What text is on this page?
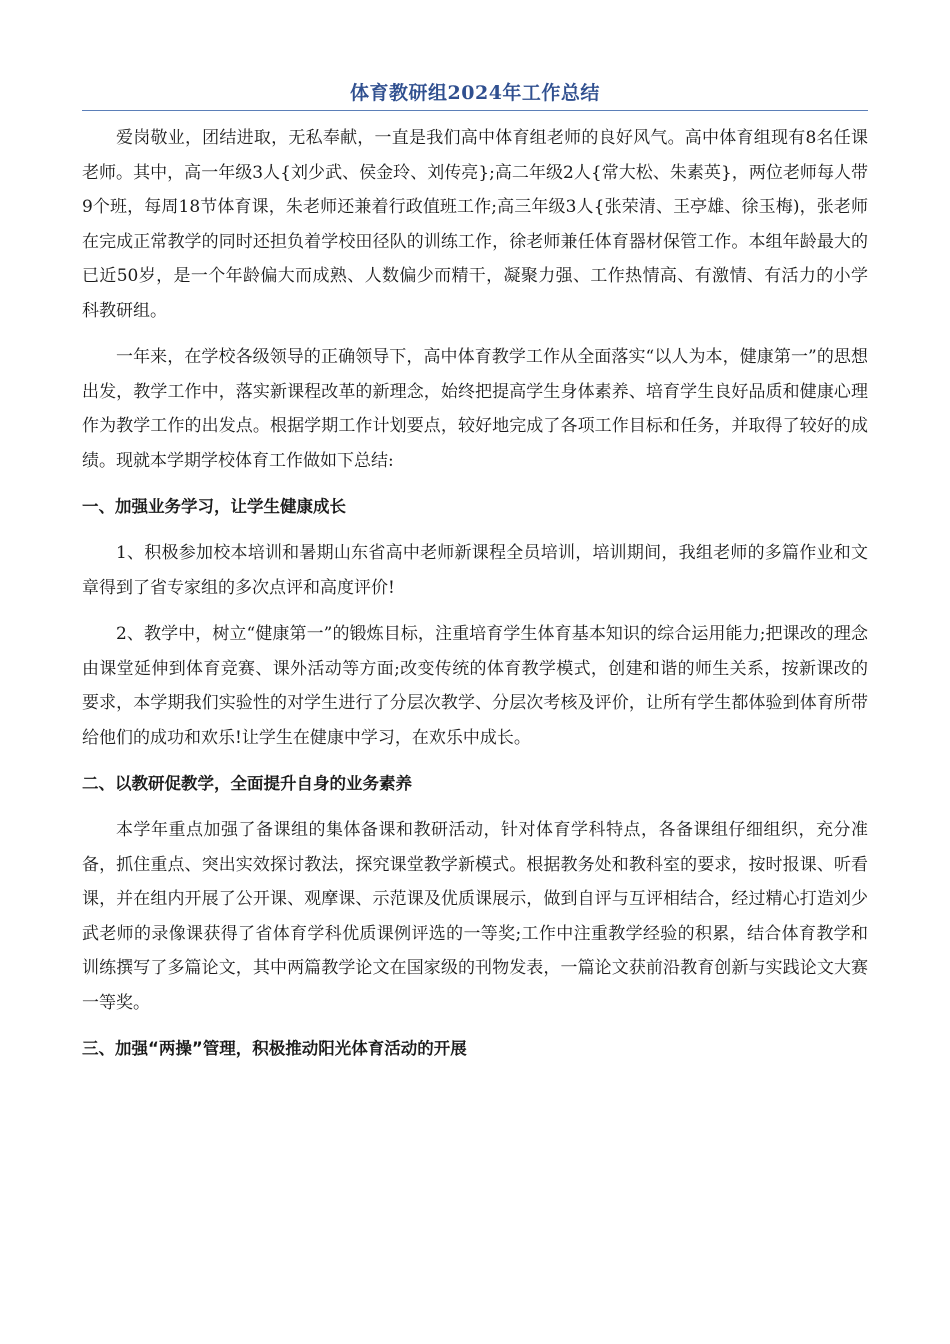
体育教研组2024年工作总结

爱岗敬业，团结进取，无私奉献，一直是我们高中体育组老师的良好风气。高中体育组现有8名任课老师。其中，高一年级3人{刘少武、侯金玲、刘传亮};高二年级2人{常大松、朱素英}，两位老师每人带9个班，每周18节体育课，朱老师还兼着行政值班工作;高三年级3人{张荣清、王亭雄、徐玉梅)，张老师在完成正常教学的同时还担负着学校田径队的训练工作，徐老师兼任体育器材保管工作。本组年龄最大的已近50岁，是一个年龄偏大而成熟、人数偏少而精干，凝聚力强、工作热情高、有激情、有活力的小学科教研组。

一年来，在学校各级领导的正确领导下，高中体育教学工作从全面落实“以人为本，健康第一”的思想出发，教学工作中，落实新课程改革的新理念，始终把提高学生身体素养、培育学生良好品质和健康心理作为教学工作的出发点。根据学期工作计划要点，较好地完成了各项工作目标和任务，并取得了较好的成绩。现就本学期学校体育工作做如下总结:

一、加强业务学习，让学生健康成长

1、积极参加校本培训和暑期山东省高中老师新课程全员培训，培训期间，我组老师的多篇作业和文章得到了省专家组的多次点评和高度评价!

2、教学中，树立“健康第一”的锻炼目标，注重培育学生体育基本知识的综合运用能力;把课改的理念由课堂延伸到体育竞赛、课外活动等方面;改变传统的体育教学模式，创建和谐的师生关系，按新课改的要求，本学期我们实验性的对学生进行了分层次教学、分层次考核及评价，让所有学生都体验到体育所带给他们的成功和欢乐!让学生在健康中学习，在欢乐中成长。

二、以教研促教学，全面提升自身的业务素养

本学年重点加强了备课组的集体备课和教研活动，针对体育学科特点，各备课组仔细组织，充分准备，抓住重点、突出实效探讨教法，探究课堂教学新模式。根据教务处和教科室的要求，按时报课、听看课，并在组内开展了公开课、观摩课、示范课及优质课展示，做到自评与互评相结合，经过精心打造刘少武老师的录像课获得了省体育学科优质课例评选的一等奖;工作中注重教学经验的积累，结合体育教学和训练撰写了多篇论文，其中两篇教学论文在国家级的刊物发表，一篇论文获前沿教育创新与实践论文大赛一等奖。

三、加强“两操”管理，积极推动阳光体育活动的开展
